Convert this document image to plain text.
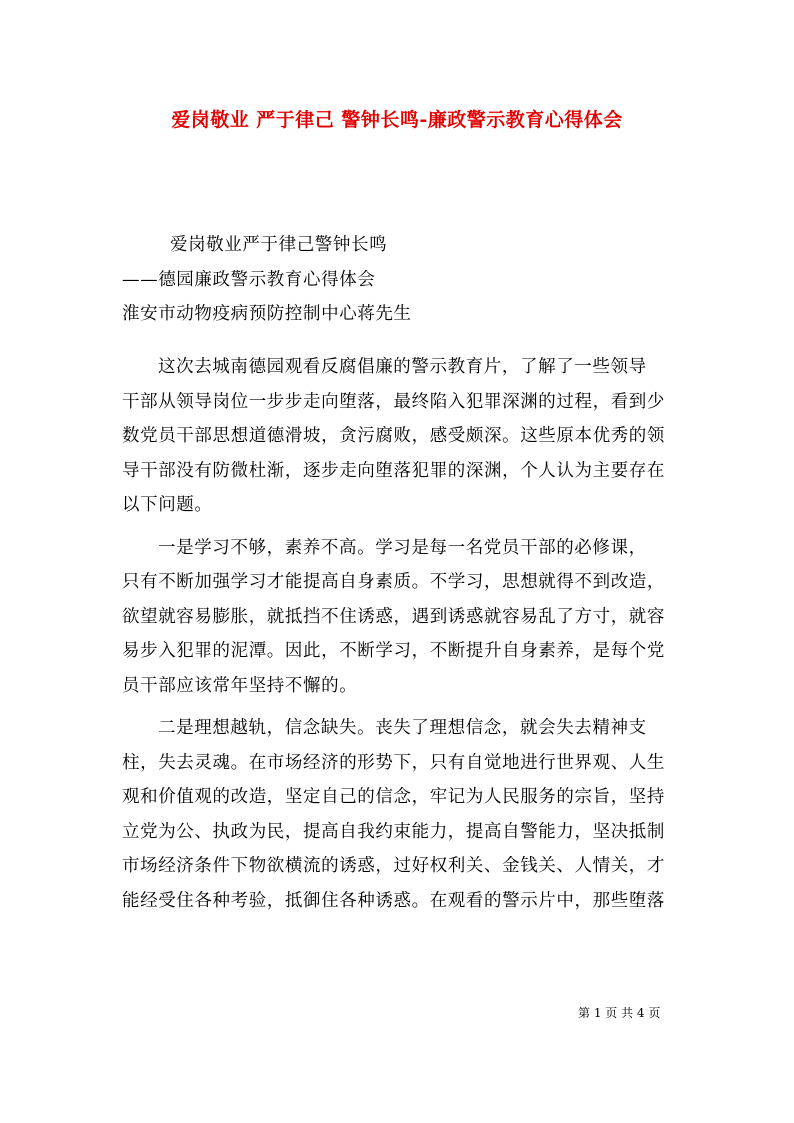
爱岗敬业 严于律己 警钟长鸣-廉政警示教育心得体会
爱岗敬业严于律己警钟长鸣
——德园廉政警示教育心得体会
淮安市动物疫病预防控制中心蒋先生
这次去城南德园观看反腐倡廉的警示教育片，了解了一些领导
干部从领导岗位一步步走向堕落，最终陷入犯罪深渊的过程，看到少
数党员干部思想道德滑坡，贪污腐败，感受颇深。这些原本优秀的领
导干部没有防微杜渐，逐步走向堕落犯罪的深渊，个人认为主要存在
以下问题。
一是学习不够，素养不高。学习是每一名党员干部的必修课，
只有不断加强学习才能提高自身素质。不学习，思想就得不到改造，
欲望就容易膨胀，就抵挡不住诱惑，遇到诱惑就容易乱了方寸，就容
易步入犯罪的泥潭。因此，不断学习，不断提升自身素养，是每个党
员干部应该常年坚持不懈的。
二是理想越轨，信念缺失。丧失了理想信念，就会失去精神支
柱，失去灵魂。在市场经济的形势下，只有自觉地进行世界观、人生
观和价值观的改造，坚定自己的信念，牢记为人民服务的宗旨，坚持
立党为公、执政为民，提高自我约束能力，提高自警能力，坚决抵制
市场经济条件下物欲横流的诱惑，过好权利关、金钱关、人情关，才
能经受住各种考验，抵御住各种诱惑。在观看的警示片中，那些堕落
第 1 页 共 4 页
